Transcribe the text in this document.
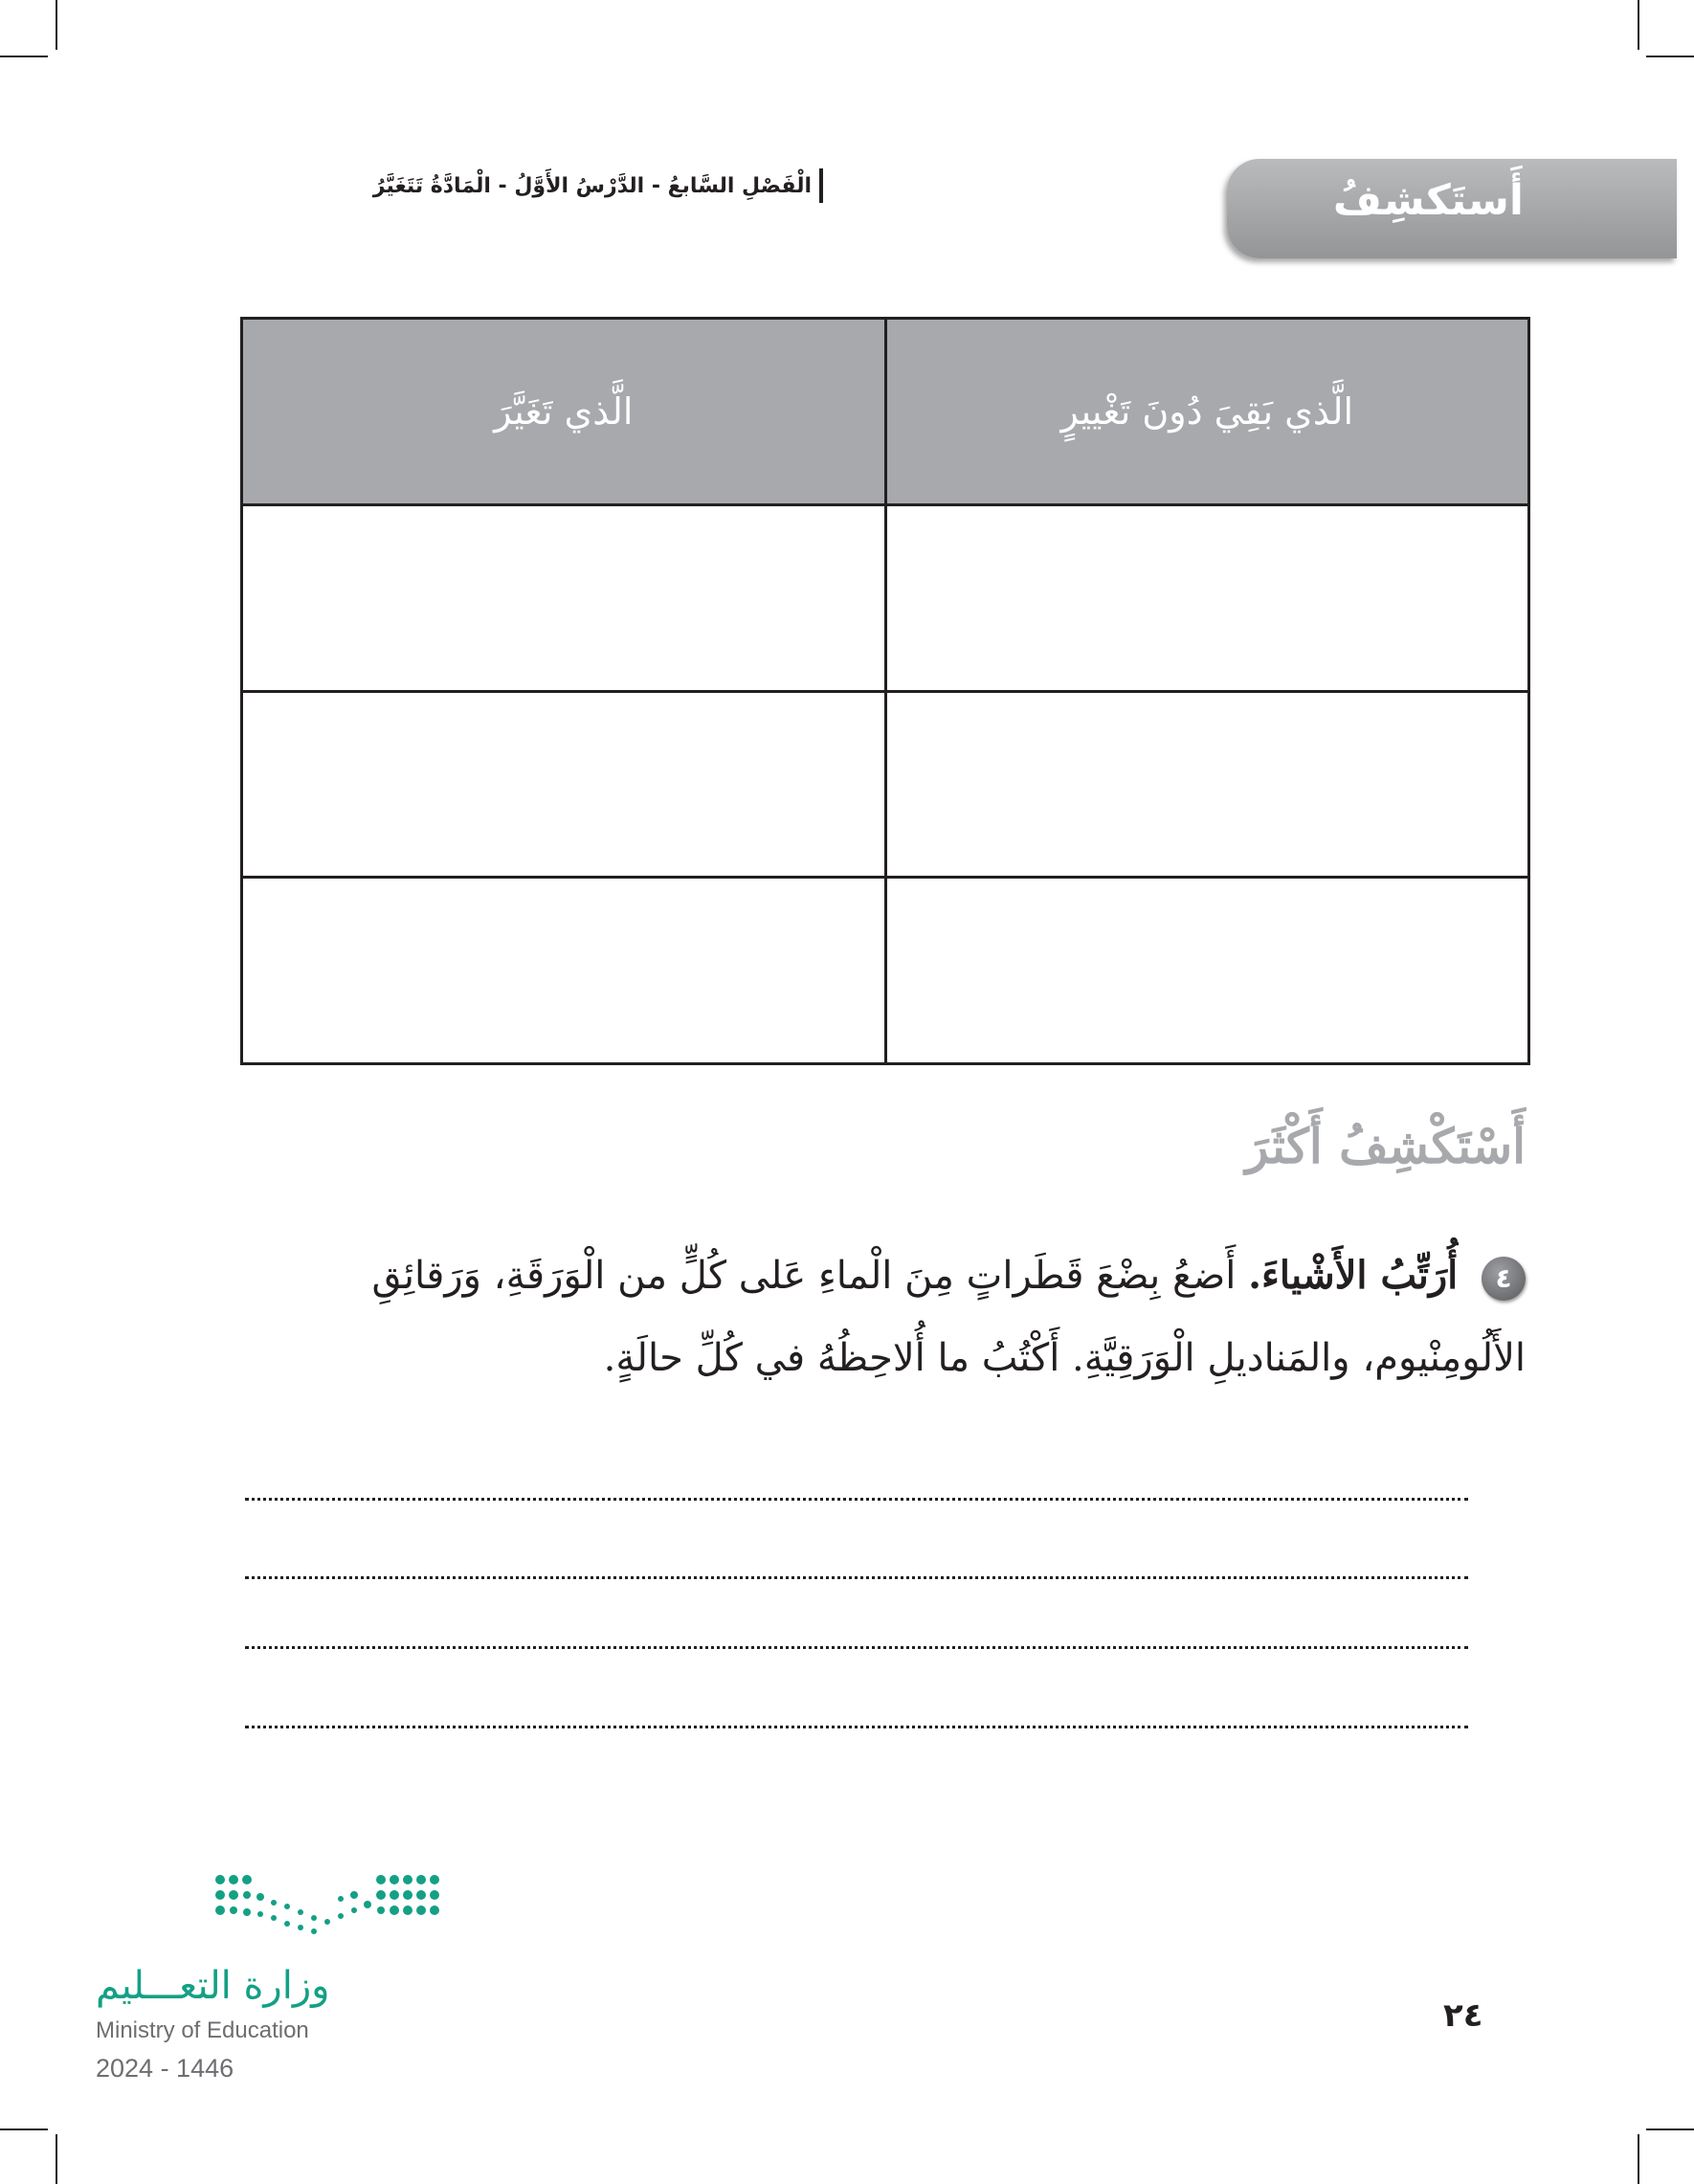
الْفَصْلِ السَّابعُ - الدَّرْسُ الأَوَّلُ - الْمَادَّةُ تَتَغَيَّرُ	أَستَكشِفُ
الَّذي بَقِيَ دُونَ تَغْييرٍ	الَّذي تَغَيَّرَ

أَسْتَكْشِفُ أَكْثَرَ
٤ أُرَتِّبُ الأَشْياءَ. أَضعُ بِضْعَ قَطَراتٍ مِنَ الْماءِ عَلى كُلٍّ من الْوَرَقَةِ، وَرَقائِقِ الأَلُومِنْيوم، والمَناديلِ الْوَرَقِيَّةِ. أَكْتُبُ ما أُلاحِظُهُ في كُلِّ حالَةٍ.
وزارة التعـــليم
Ministry of Education
2024 - 1446
٢٤
